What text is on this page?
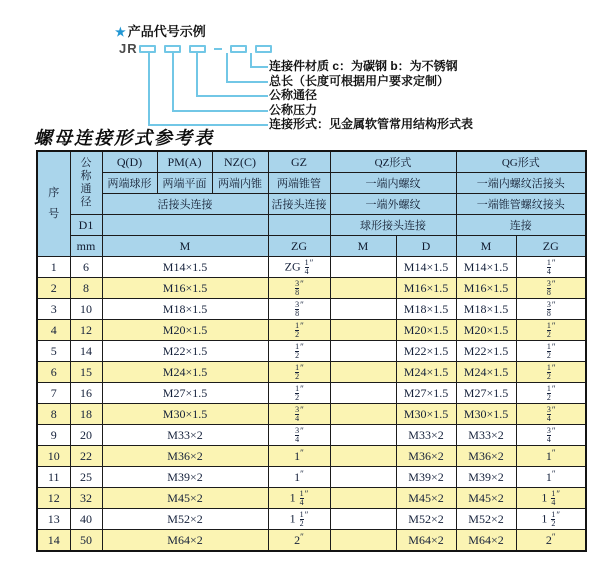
★ 产品代号示例
JR
连接件材质 c：为碳钢 b：为不锈钢
总长（长度可根据用户要求定制）
公称通径
公称压力
连接形式：见金属软管常用结构形式表
螺母连接形式参考表
序
号	公
称
通
径	Q(D)	PM(A)	NZ(C)	GZ	QZ形式		QG形式	
		两端球形	两端平面	两端内锥	两端锥管	一端内螺纹		一端内螺纹活接头	
		活接头连接			活接头连接	一端外螺纹		一端锥管螺纹接头	
	D1					球形接头连接		连接	
	mm	M			ZG	M	D	M	ZG
1	6	M14×1.5			ZG $\frac{1}{4} ''$		M14×1.5	M14×1.5	$\frac{1}{4} ''$
2	8	M16×1.5			$\frac{3}{8} ''$		M16×1.5	M16×1.5	$\frac{3}{8} ''$
3	10	M18×1.5			$\frac{3}{8} ''$		M18×1.5	M18×1.5	$\frac{3}{8} ''$
4	12	M20×1.5			$\frac{1}{2} ''$		M20×1.5	M20×1.5	$\frac{1}{2} ''$
5	14	M22×1.5			$\frac{1}{2} ''$		M22×1.5	M22×1.5	$\frac{1}{2} ''$
6	15	M24×1.5			$\frac{1}{2} ''$		M24×1.5	M24×1.5	$\frac{1}{2} ''$
7	16	M27×1.5			$\frac{1}{2} ''$		M27×1.5	M27×1.5	$\frac{1}{2} ''$
8	18	M30×1.5			$\frac{3}{4} ''$		M30×1.5	M30×1.5	$\frac{3}{4} ''$
9	20	M33×2			$\frac{3}{4} ''$		M33×2	M33×2	$\frac{3}{4} ''$
10	22	M36×2			1″		M36×2	M36×2	1″
11	25	M39×2			1″		M39×2	M39×2	1″
12	32	M45×2			$1 \frac{1}{4} ''$		M45×2	M45×2	$1 \frac{1}{4} ''$
13	40	M52×2			$1 \frac{1}{2} ''$		M52×2	M52×2	$1 \frac{1}{2} ''$
14	50	M64×2			2″		M64×2	M64×2	2″
